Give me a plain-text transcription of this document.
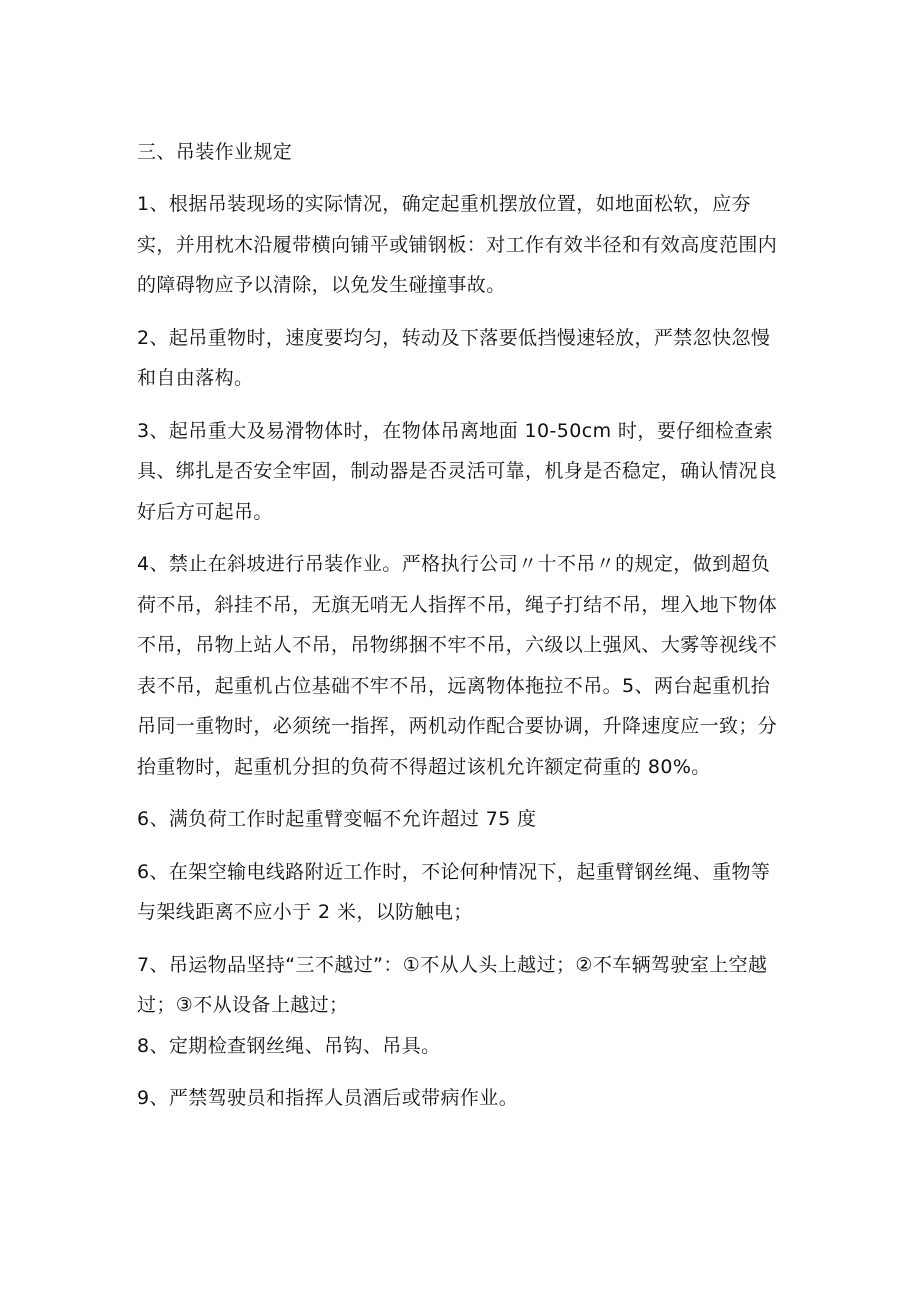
三、吊装作业规定

1、根据吊装现场的实际情况，确定起重机摆放位置，如地面松软，应夯实，并用枕木沿履带横向铺平或铺钢板：对工作有效半径和有效高度范围内的障碍物应予以清除，以免发生碰撞事故。

2、起吊重物时，速度要均匀，转动及下落要低挡慢速轻放，严禁忽快忽慢和自由落构。

3、起吊重大及易滑物体时，在物体吊离地面 10-50cm 时，要仔细检查索具、绑扎是否安全牢固，制动器是否灵活可靠，机身是否稳定，确认情况良好后方可起吊。

4、禁止在斜坡进行吊装作业。严格执行公司〃十不吊〃的规定，做到超负荷不吊，斜挂不吊，无旗无哨无人指挥不吊，绳子打结不吊，埋入地下物体不吊，吊物上站人不吊，吊物绑捆不牢不吊，六级以上强风、大雾等视线不表不吊，起重机占位基础不牢不吊，远离物体拖拉不吊。5、两台起重机抬吊同一重物时，必须统一指挥，两机动作配合要协调，升降速度应一致；分抬重物时，起重机分担的负荷不得超过该机允许额定荷重的 80%。

6、满负荷工作时起重臂变幅不允许超过 75 度

6、在架空输电线路附近工作时，不论何种情况下，起重臂钢丝绳、重物等与架线距离不应小于 2 米，以防触电；

7、吊运物品坚持“三不越过”：①不从人头上越过；②不车辆驾驶室上空越过；③不从设备上越过；

8、定期检查钢丝绳、吊钩、吊具。

9、严禁驾驶员和指挥人员酒后或带病作业。
